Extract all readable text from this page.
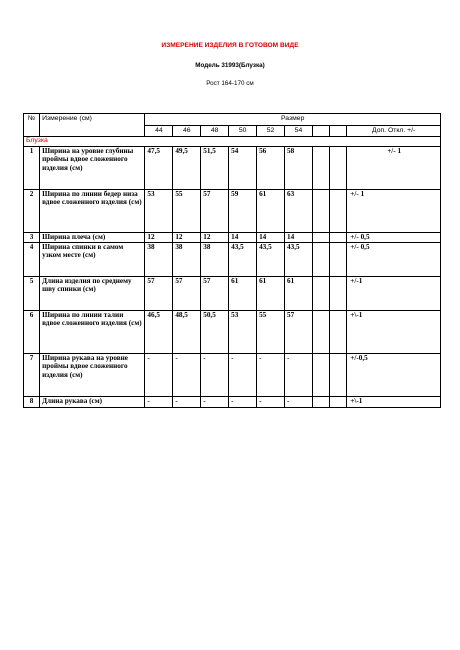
ИЗМЕРЕНИЕ ИЗДЕЛИЯ В ГОТОВОМ ВИДЕ
Модель 31993(Блузка)
Рост 164-170 см
№	Измерение (см)	Размер								
		44	46	48	50	52	54			Доп. Откл. +/-
Блузка										
1	Ширина на уровне глубины проймы вдвое сложенного изделия (см)	47,5	49,5	51,5	54	56	58			+/- 1
2	Ширина по линии бедер низа вдвое сложенного изделия (см)	53	55	57	59	61	63			+/- 1
3	Ширина плеча (см)	12	12	12	14	14	14			+/- 0,5
4	Ширина спинки в самом узком месте (см)	38	38	38	43,5	43,5	43,5			+/- 0,5
5	Длина изделия по среднему шву спинки (см)	57	57	57	61	61	61			+/-1
6	Ширина по линии талии вдвое сложенного изделия (см)	46,5	48,5	50,5	53	55	57			+\-1
7	Ширина рукава на уровне проймы вдвое сложенного изделия (см)	-	-	-	-	-	-			+/-0,5
8	Длина рукава (см)	-	-	-	-	-	-			+\-1
